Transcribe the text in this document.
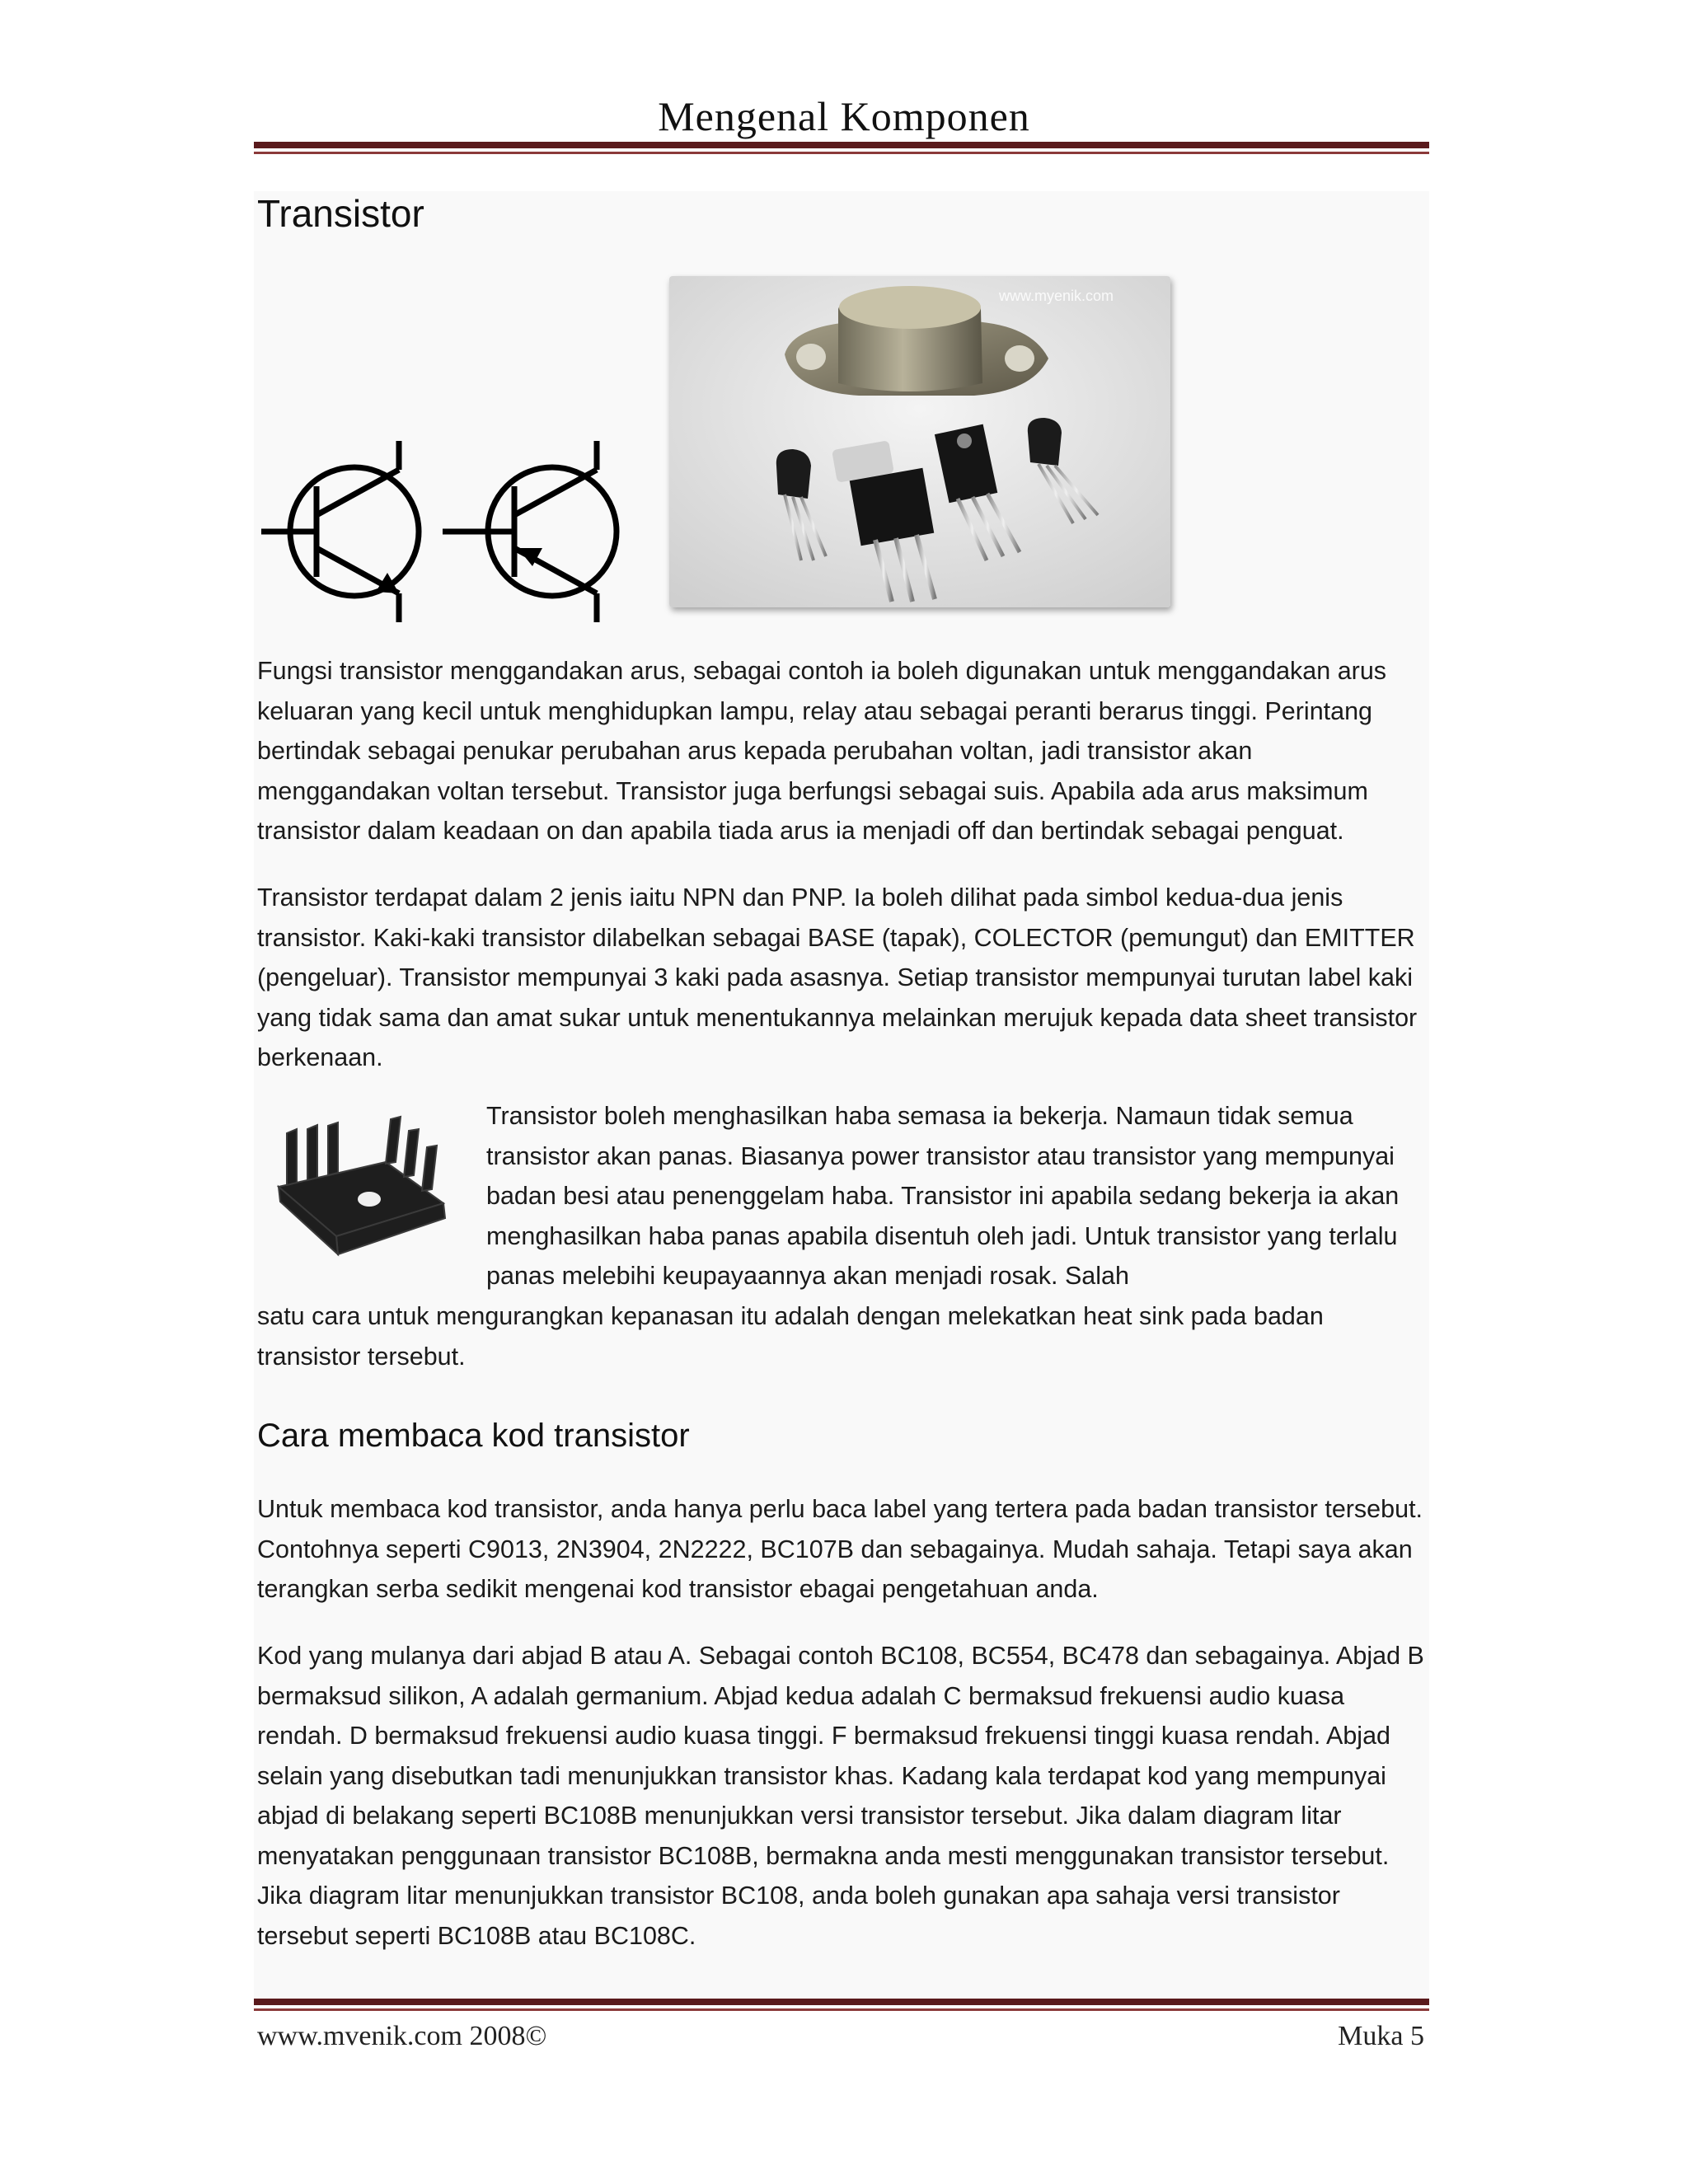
Mengenal Komponen
Transistor
www.myenik.com
Fungsi transistor menggandakan arus, sebagai contoh ia boleh digunakan untuk menggandakan arus keluaran yang kecil untuk menghidupkan lampu, relay atau sebagai peranti berarus tinggi. Perintang bertindak sebagai penukar perubahan arus kepada perubahan voltan, jadi transistor akan menggandakan voltan tersebut. Transistor juga berfungsi sebagai suis. Apabila ada arus maksimum transistor dalam keadaan on dan apabila tiada arus ia menjadi off dan bertindak sebagai penguat.
Transistor terdapat dalam 2 jenis iaitu NPN dan PNP. Ia boleh dilihat pada simbol kedua-dua jenis transistor. Kaki-kaki transistor dilabelkan sebagai BASE (tapak), COLECTOR (pemungut) dan EMITTER (pengeluar). Transistor mempunyai 3 kaki pada asasnya. Setiap transistor mempunyai turutan label kaki yang tidak sama dan amat sukar untuk menentukannya melainkan merujuk kepada data sheet transistor berkenaan.
Transistor boleh menghasilkan haba semasa ia bekerja. Namaun tidak semua transistor akan panas. Biasanya power transistor atau transistor yang mempunyai badan besi atau penenggelam haba. Transistor ini apabila sedang bekerja ia akan menghasilkan haba panas apabila disentuh oleh jadi. Untuk transistor yang terlalu panas melebihi keupayaannya akan menjadi rosak. Salah
satu cara untuk mengurangkan kepanasan itu adalah dengan melekatkan heat sink pada badan transistor tersebut.
Cara membaca kod transistor
Untuk membaca kod transistor, anda hanya perlu baca label yang tertera pada badan transistor tersebut. Contohnya seperti C9013, 2N3904, 2N2222, BC107B dan sebagainya. Mudah sahaja. Tetapi saya akan terangkan serba sedikit mengenai kod transistor ebagai pengetahuan anda.
Kod yang mulanya dari abjad B atau A. Sebagai contoh BC108, BC554, BC478 dan sebagainya. Abjad B bermaksud silikon, A adalah germanium. Abjad kedua adalah C bermaksud frekuensi audio kuasa rendah. D bermaksud frekuensi audio kuasa tinggi. F bermaksud frekuensi tinggi kuasa rendah. Abjad selain yang disebutkan tadi menunjukkan transistor khas. Kadang kala terdapat kod yang mempunyai abjad di belakang seperti BC108B menunjukkan versi transistor tersebut. Jika dalam diagram litar menyatakan penggunaan transistor BC108B, bermakna anda mesti menggunakan transistor tersebut. Jika diagram litar menunjukkan transistor BC108, anda boleh gunakan apa sahaja versi transistor tersebut seperti BC108B atau BC108C.
www.mvenik.com 2008©	Muka 5
